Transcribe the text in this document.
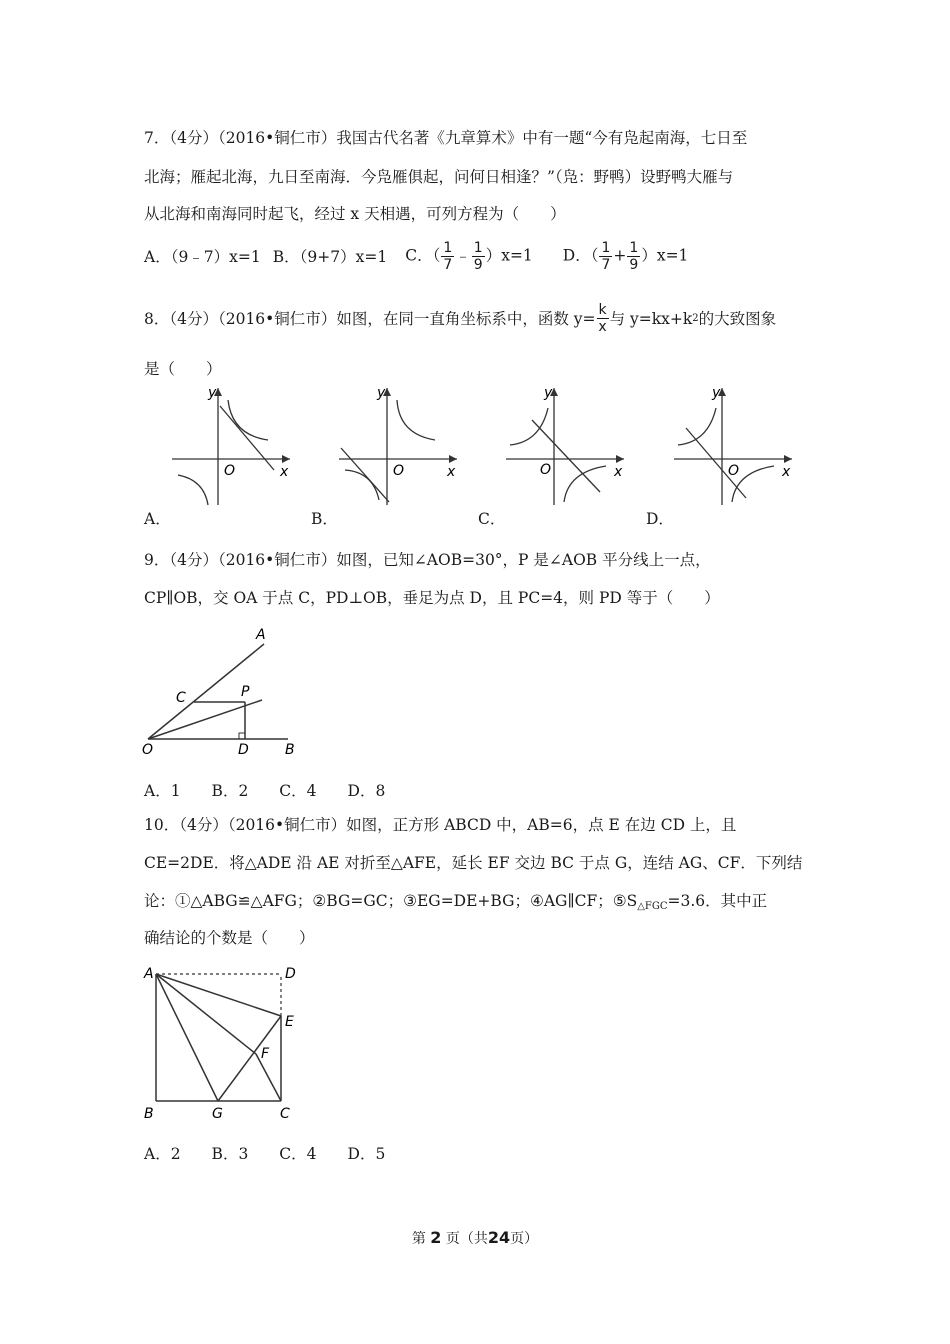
7．（4分）（2016•铜仁市）我国古代名著《九章算术》中有一题“今有凫起南海，七日至
北海；雁起北海，九日至南海．今凫雁俱起，问何日相逢？”（凫：野鸭）设野鸭大雁与
从北海和南海同时起飞，经过 x 天相遇，可列方程为（　　）
A．（9﹣7）x=1 B．（9+7）x=1 C．（ $\frac{1}{7}$ ﹣ $\frac{1}{9} )x=1$ D．（ $\frac{1}{7} + \frac{1}{9} )x=1$
8．（4分）（2016•铜仁市）如图，在同一直角坐标系中，函数 $y= \frac{k}{x}$ 与 y=kx+k 2 的大致图象
是（　　）
x
y
O	x
y
O	x
y
O	x
y
O
A．	B．	C．	D．
9．（4分）（2016•铜仁市）如图，已知∠AOB=30°，P 是∠AOB 平分线上一点，
CP∥OB，交 OA 于点 C，PD⊥OB，垂足为点 D，且 PC=4，则 PD 等于（　　）
A
C	P
O	D	B
A．1　　B．2　　C．4　　D．8
10．（4分）（2016•铜仁市）如图，正方形 ABCD 中，AB=6，点 E 在边 CD 上，且
CE=2DE．将△ADE 沿 AE 对折至△AFE，延长 EF 交边 BC 于点 G，连结 AG、CF．下列结
论：①△ABG≌△AFG；②BG=GC；③EG=DE+BG；④AG∥CF；$⑤S_{\triangle FGC}=3.6$．其中正
确结论的个数是（　　）
A	D
E
F
B	G	C
A．2　　B．3　　C．4　　D．5
第 2 页（共24页）
